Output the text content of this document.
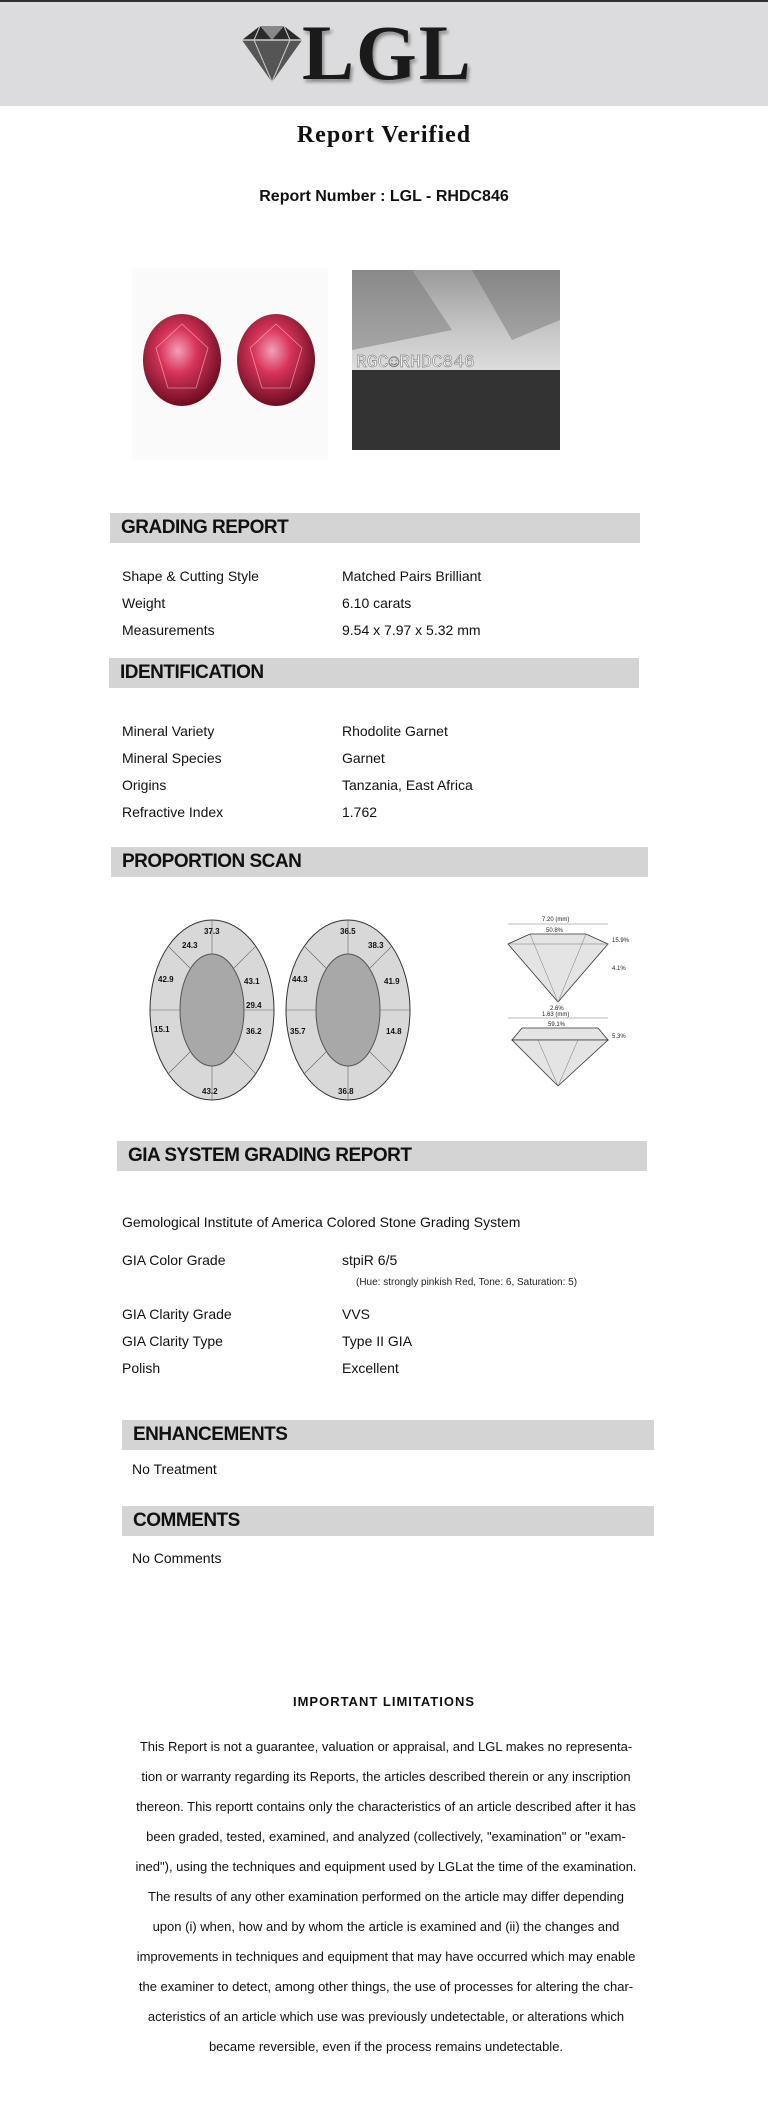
LGL
Report Verified
Report Number : LGL - RHDC846
RGC☺RHDC846
GRADING REPORT
Shape & Cutting Style	Matched Pairs Brilliant
Weight	6.10 carats
Measurements	9.54 x 7.97 x 5.32 mm
IDENTIFICATION
Mineral Variety	Rhodolite Garnet
Mineral Species	Garnet
Origins	Tanzania, East Africa
Refractive Index	1.762
PROPORTION SCAN
37.3
24.3
42.9	43.1
29.4
15.1	36.2
43.2
36.5
38.3
44.3	41.9
35.7	14.8
36.8
7.20 (mm)
50.8%
15.9%
2.6%
4.1%
1.63 (mm)
59.1%
5.3%
GIA SYSTEM GRADING REPORT
Gemological Institute of America Colored Stone Grading System
GIA Color Grade	stpiR 6/5
(Hue: strongly pinkish Red, Tone: 6, Saturation: 5)
GIA Clarity Grade	VVS
GIA Clarity Type	Type II GIA
Polish	Excellent
ENHANCEMENTS
No Treatment
COMMENTS
No Comments
IMPORTANT LIMITATIONS
This Report is not a guarantee, valuation or appraisal, and LGL makes no representa-
tion or warranty regarding its Reports, the articles described therein or any inscription
thereon. This reportt contains only the characteristics of an article described after it has
been graded, tested, examined, and analyzed (collectively, "examination" or "exam-
ined"), using the techniques and equipment used by LGLat the time of the examination.
The results of any other examination performed on the article may differ depending
upon (i) when, how and by whom the article is examined and (ii) the changes and
improvements in techniques and equipment that may have occurred which may enable
the examiner to detect, among other things, the use of processes for altering the char-
acteristics of an article which use was previously undetectable, or alterations which
became reversible, even if the process remains undetectable.
